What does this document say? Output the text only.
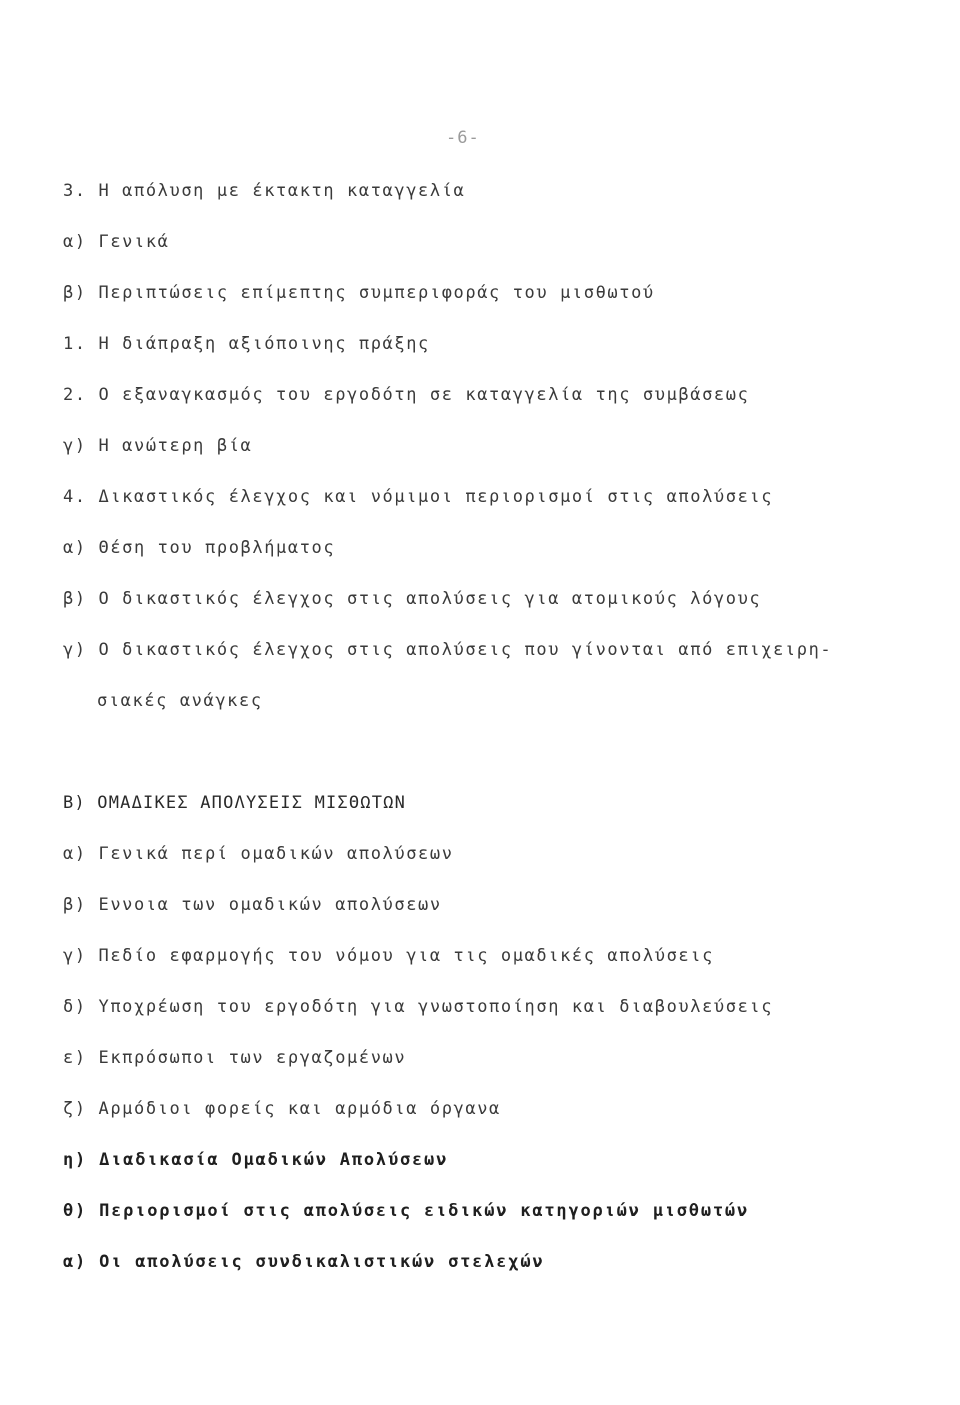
-6-
3. Η απόλυση με έκτακτη καταγγελία
α) Γενικά
β) Περιπτώσεις επίμεπτης συμπεριφοράς του μισθωτού
1. Η διάπραξη αξιόποινης πράξης
2. Ο εξαναγκασμός του εργοδότη σε καταγγελία της συμβάσεως
γ) Η ανώτερη βία
4. Δικαστικός έλεγχος και νόμιμοι περιορισμοί στις απολύσεις
α) Θέση του προβλήματος
β) Ο δικαστικός έλεγχος στις απολύσεις για ατομικούς λόγους
γ) Ο δικαστικός έλεγχος στις απολύσεις που γίνονται από επιχειρη-
σιακές ανάγκες
Β) ΟΜΑΔΙΚΕΣ ΑΠΟΛΥΣΕΙΣ ΜΙΣΘΩΤΩΝ
α) Γενικά περί ομαδικών απολύσεων
β) Εννοια των ομαδικών απολύσεων
γ) Πεδίο εφαρμογής του νόμου για τις ομαδικές απολύσεις
δ) Υποχρέωση του εργοδότη για γνωστοποίηση και διαβουλεύσεις
ε) Εκπρόσωποι των εργαζομένων
ζ) Αρμόδιοι φορείς και αρμόδια όργανα
η) Διαδικασία Ομαδικών Απολύσεων
θ) Περιορισμοί στις απολύσεις ειδικών κατηγοριών μισθωτών
α) Οι απολύσεις συνδικαλιστικών στελεχών
